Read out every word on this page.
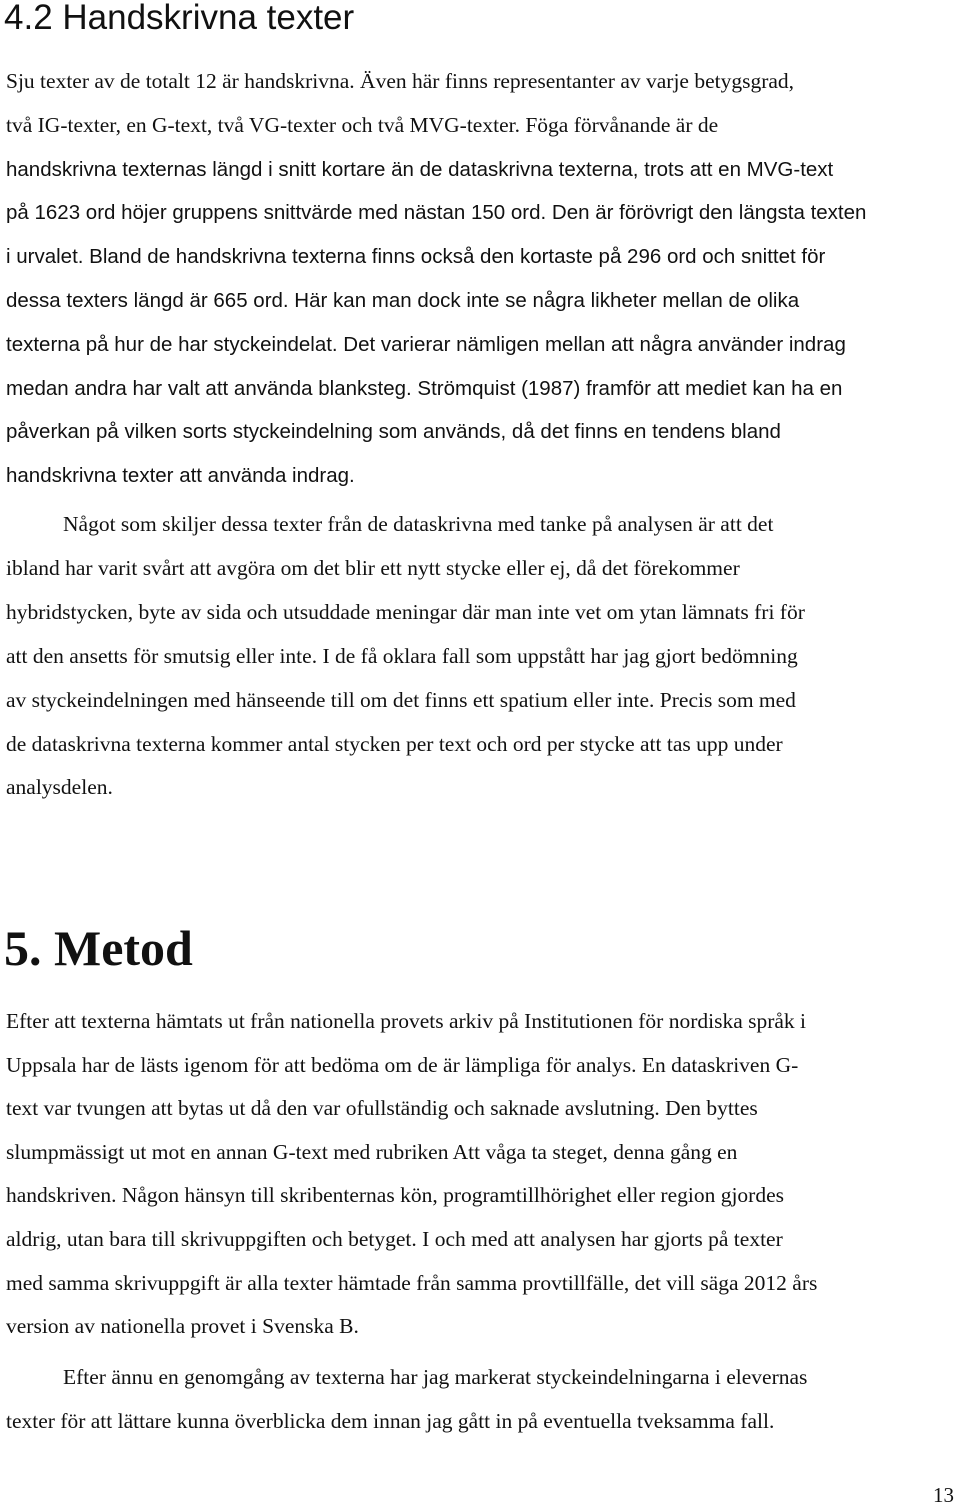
4.2 Handskrivna texter

Sju texter av de totalt 12 är handskrivna. Även här finns representanter av varje betygsgrad,
två IG-texter, en G-text, två VG-texter och två MVG-texter. Föga förvånande är de
handskrivna texternas längd i snitt kortare än de dataskrivna texterna, trots att en MVG-text
på 1623 ord höjer gruppens snittvärde med nästan 150 ord. Den är förövrigt den längsta texten
i urvalet. Bland de handskrivna texterna finns också den kortaste på 296 ord och snittet för
dessa texters längd är 665 ord. Här kan man dock inte se några likheter mellan de olika
texterna på hur de har styckeindelat. Det varierar nämligen mellan att några använder indrag
medan andra har valt att använda blanksteg. Strömquist (1987) framför att mediet kan ha en
påverkan på vilken sorts styckeindelning som används, då det finns en tendens bland
handskrivna texter att använda indrag.

Något som skiljer dessa texter från de dataskrivna med tanke på analysen är att det
ibland har varit svårt att avgöra om det blir ett nytt stycke eller ej, då det förekommer
hybridstycken, byte av sida och utsuddade meningar där man inte vet om ytan lämnats fri för
att den ansetts för smutsig eller inte. I de få oklara fall som uppstått har jag gjort bedömning
av styckeindelningen med hänseende till om det finns ett spatium eller inte. Precis som med
de dataskrivna texterna kommer antal stycken per text och ord per stycke att tas upp under
analysdelen.

5. Metod

Efter att texterna hämtats ut från nationella provets arkiv på Institutionen för nordiska språk i
Uppsala har de lästs igenom för att bedöma om de är lämpliga för analys. En dataskriven G-
text var tvungen att bytas ut då den var ofullständig och saknade avslutning. Den byttes
slumpmässigt ut mot en annan G-text med rubriken Att våga ta steget, denna gång en
handskriven. Någon hänsyn till skribenternas kön, programtillhörighet eller region gjordes
aldrig, utan bara till skrivuppgiften och betyget. I och med att analysen har gjorts på texter
med samma skrivuppgift är alla texter hämtade från samma provtillfälle, det vill säga 2012 års
version av nationella provet i Svenska B.

Efter ännu en genomgång av texterna har jag markerat styckeindelningarna i elevernas
texter för att lättare kunna överblicka dem innan jag gått in på eventuella tveksamma fall.

13
